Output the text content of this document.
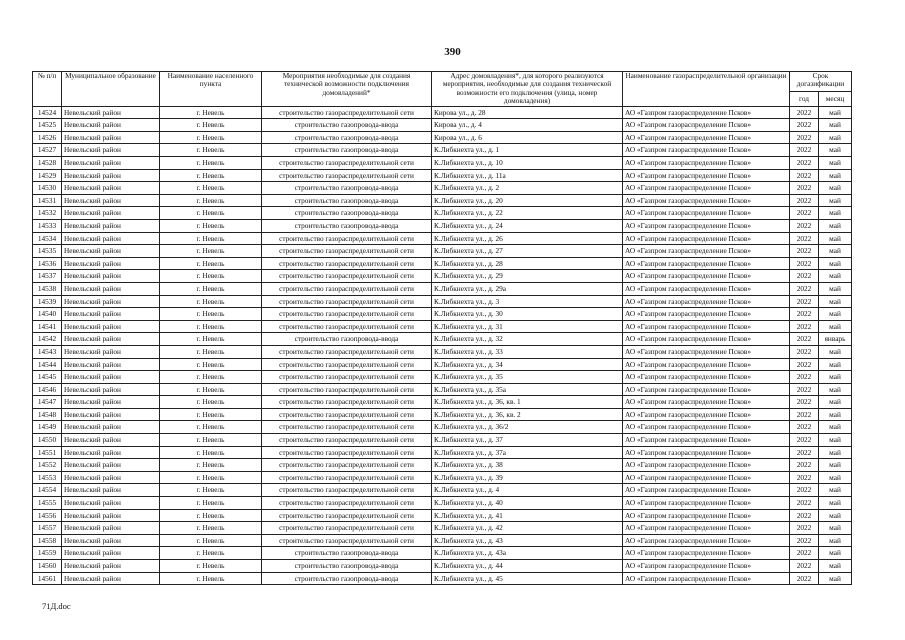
390
№ п/п	Муниципальное образование	Наименование населенного пункта	Мероприятия необходимые для создания технической возможности подключения домовладений*	Адрес домовладения*, для которого реализуются мероприятия, необходимые для создания технической возможности его подключения (улица, номер домовладения)	Наименование газораспределительной организации	Срок догазификации	
						год	месяц
14524	Невельский район	г. Невель	строительство газораспределительной сети	Кирова ул., д. 28	АО «Газпром газораспределение Псков»	2022	май
14525	Невельский район	г. Невель	строительство газопровода-ввода	Кирова ул., д. 4	АО «Газпром газораспределение Псков»	2022	май
14526	Невельский район	г. Невель	строительство газопровода-ввода	Кирова ул., д. 6	АО «Газпром газораспределение Псков»	2022	май
14527	Невельский район	г. Невель	строительство газопровода-ввода	К.Либкнехта ул., д. 1	АО «Газпром газораспределение Псков»	2022	май
14528	Невельский район	г. Невель	строительство газораспределительной сети	К.Либкнехта ул., д. 10	АО «Газпром газораспределение Псков»	2022	май
14529	Невельский район	г. Невель	строительство газораспределительной сети	К.Либкнехта ул., д. 11а	АО «Газпром газораспределение Псков»	2022	май
14530	Невельский район	г. Невель	строительство газопровода-ввода	К.Либкнехта ул., д. 2	АО «Газпром газораспределение Псков»	2022	май
14531	Невельский район	г. Невель	строительство газопровода-ввода	К.Либкнехта ул., д. 20	АО «Газпром газораспределение Псков»	2022	май
14532	Невельский район	г. Невель	строительство газопровода-ввода	К.Либкнехта ул., д. 22	АО «Газпром газораспределение Псков»	2022	май
14533	Невельский район	г. Невель	строительство газопровода-ввода	К.Либкнехта ул., д. 24	АО «Газпром газораспределение Псков»	2022	май
14534	Невельский район	г. Невель	строительство газораспределительной сети	К.Либкнехта ул., д. 26	АО «Газпром газораспределение Псков»	2022	май
14535	Невельский район	г. Невель	строительство газораспределительной сети	К.Либкнехта ул., д. 27	АО «Газпром газораспределение Псков»	2022	май
14536	Невельский район	г. Невель	строительство газораспределительной сети	К.Либкнехта ул., д. 28	АО «Газпром газораспределение Псков»	2022	май
14537	Невельский район	г. Невель	строительство газораспределительной сети	К.Либкнехта ул., д. 29	АО «Газпром газораспределение Псков»	2022	май
14538	Невельский район	г. Невель	строительство газораспределительной сети	К.Либкнехта ул., д. 29а	АО «Газпром газораспределение Псков»	2022	май
14539	Невельский район	г. Невель	строительство газораспределительной сети	К.Либкнехта ул., д. 3	АО «Газпром газораспределение Псков»	2022	май
14540	Невельский район	г. Невель	строительство газораспределительной сети	К.Либкнехта ул., д. 30	АО «Газпром газораспределение Псков»	2022	май
14541	Невельский район	г. Невель	строительство газораспределительной сети	К.Либкнехта ул., д. 31	АО «Газпром газораспределение Псков»	2022	май
14542	Невельский район	г. Невель	строительство газопровода-ввода	К.Либкнехта ул., д. 32	АО «Газпром газораспределение Псков»	2022	январь
14543	Невельский район	г. Невель	строительство газораспределительной сети	К.Либкнехта ул., д. 33	АО «Газпром газораспределение Псков»	2022	май
14544	Невельский район	г. Невель	строительство газораспределительной сети	К.Либкнехта ул., д. 34	АО «Газпром газораспределение Псков»	2022	май
14545	Невельский район	г. Невель	строительство газораспределительной сети	К.Либкнехта ул., д. 35	АО «Газпром газораспределение Псков»	2022	май
14546	Невельский район	г. Невель	строительство газораспределительной сети	К.Либкнехта ул., д. 35а	АО «Газпром газораспределение Псков»	2022	май
14547	Невельский район	г. Невель	строительство газораспределительной сети	К.Либкнехта ул., д. 36, кв. 1	АО «Газпром газораспределение Псков»	2022	май
14548	Невельский район	г. Невель	строительство газораспределительной сети	К.Либкнехта ул., д. 36, кв. 2	АО «Газпром газораспределение Псков»	2022	май
14549	Невельский район	г. Невель	строительство газораспределительной сети	К.Либкнехта ул., д. 36/2	АО «Газпром газораспределение Псков»	2022	май
14550	Невельский район	г. Невель	строительство газораспределительной сети	К.Либкнехта ул., д. 37	АО «Газпром газораспределение Псков»	2022	май
14551	Невельский район	г. Невель	строительство газораспределительной сети	К.Либкнехта ул., д. 37а	АО «Газпром газораспределение Псков»	2022	май
14552	Невельский район	г. Невель	строительство газораспределительной сети	К.Либкнехта ул., д. 38	АО «Газпром газораспределение Псков»	2022	май
14553	Невельский район	г. Невель	строительство газораспределительной сети	К.Либкнехта ул., д. 39	АО «Газпром газораспределение Псков»	2022	май
14554	Невельский район	г. Невель	строительство газораспределительной сети	К.Либкнехта ул., д. 4	АО «Газпром газораспределение Псков»	2022	май
14555	Невельский район	г. Невель	строительство газораспределительной сети	К.Либкнехта ул., д. 40	АО «Газпром газораспределение Псков»	2022	май
14556	Невельский район	г. Невель	строительство газораспределительной сети	К.Либкнехта ул., д. 41	АО «Газпром газораспределение Псков»	2022	май
14557	Невельский район	г. Невель	строительство газораспределительной сети	К.Либкнехта ул., д. 42	АО «Газпром газораспределение Псков»	2022	май
14558	Невельский район	г. Невель	строительство газораспределительной сети	К.Либкнехта ул., д. 43	АО «Газпром газораспределение Псков»	2022	май
14559	Невельский район	г. Невель	строительство газопровода-ввода	К.Либкнехта ул., д. 43а	АО «Газпром газораспределение Псков»	2022	май
14560	Невельский район	г. Невель	строительство газопровода-ввода	К.Либкнехта ул., д. 44	АО «Газпром газораспределение Псков»	2022	май
14561	Невельский район	г. Невель	строительство газопровода-ввода	К.Либкнехта ул., д. 45	АО «Газпром газораспределение Псков»	2022	май
71Д.doc
